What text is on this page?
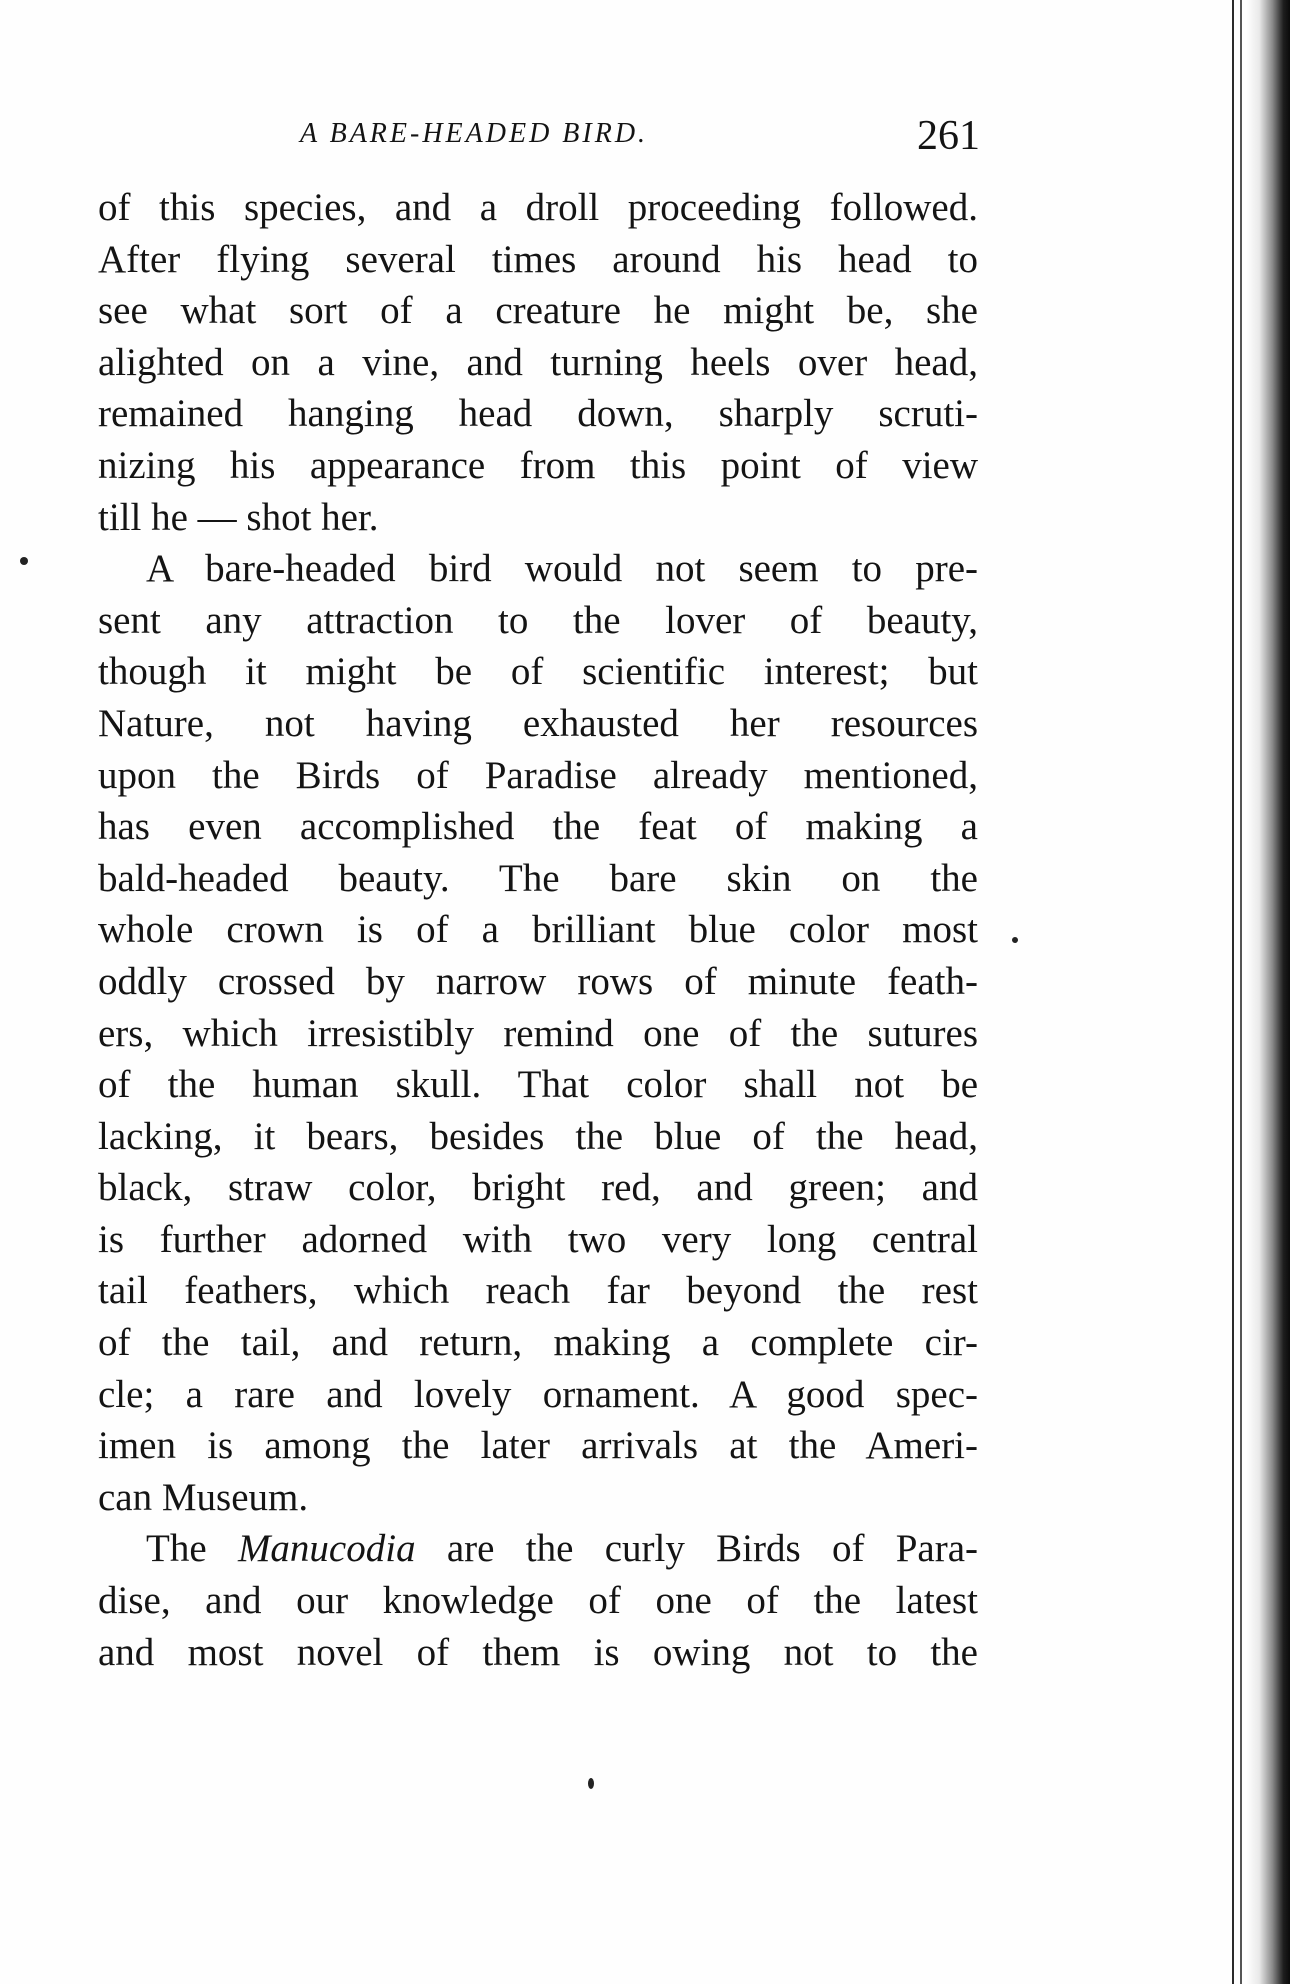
A BARE-HEADED BIRD.	261

of this species, and a droll proceeding followed.
After flying several times around his head to
see what sort of a creature he might be, she
alighted on a vine, and turning heels over head,
remained hanging head down, sharply scruti-
nizing his appearance from this point of view
till he — shot her.

A bare-headed bird would not seem to pre-
sent any attraction to the lover of beauty,
though it might be of scientific interest; but
Nature, not having exhausted her resources
upon the Birds of Paradise already mentioned,
has even accomplished the feat of making a
bald-headed beauty. The bare skin on the
whole crown is of a brilliant blue color most
oddly crossed by narrow rows of minute feath-
ers, which irresistibly remind one of the sutures
of the human skull. That color shall not be
lacking, it bears, besides the blue of the head,
black, straw color, bright red, and green; and
is further adorned with two very long central
tail feathers, which reach far beyond the rest
of the tail, and return, making a complete cir-
cle; a rare and lovely ornament. A good spec-
imen is among the later arrivals at the Ameri-
can Museum.

The Manucodia are the curly Birds of Para-
dise, and our knowledge of one of the latest
and most novel of them is owing not to the
